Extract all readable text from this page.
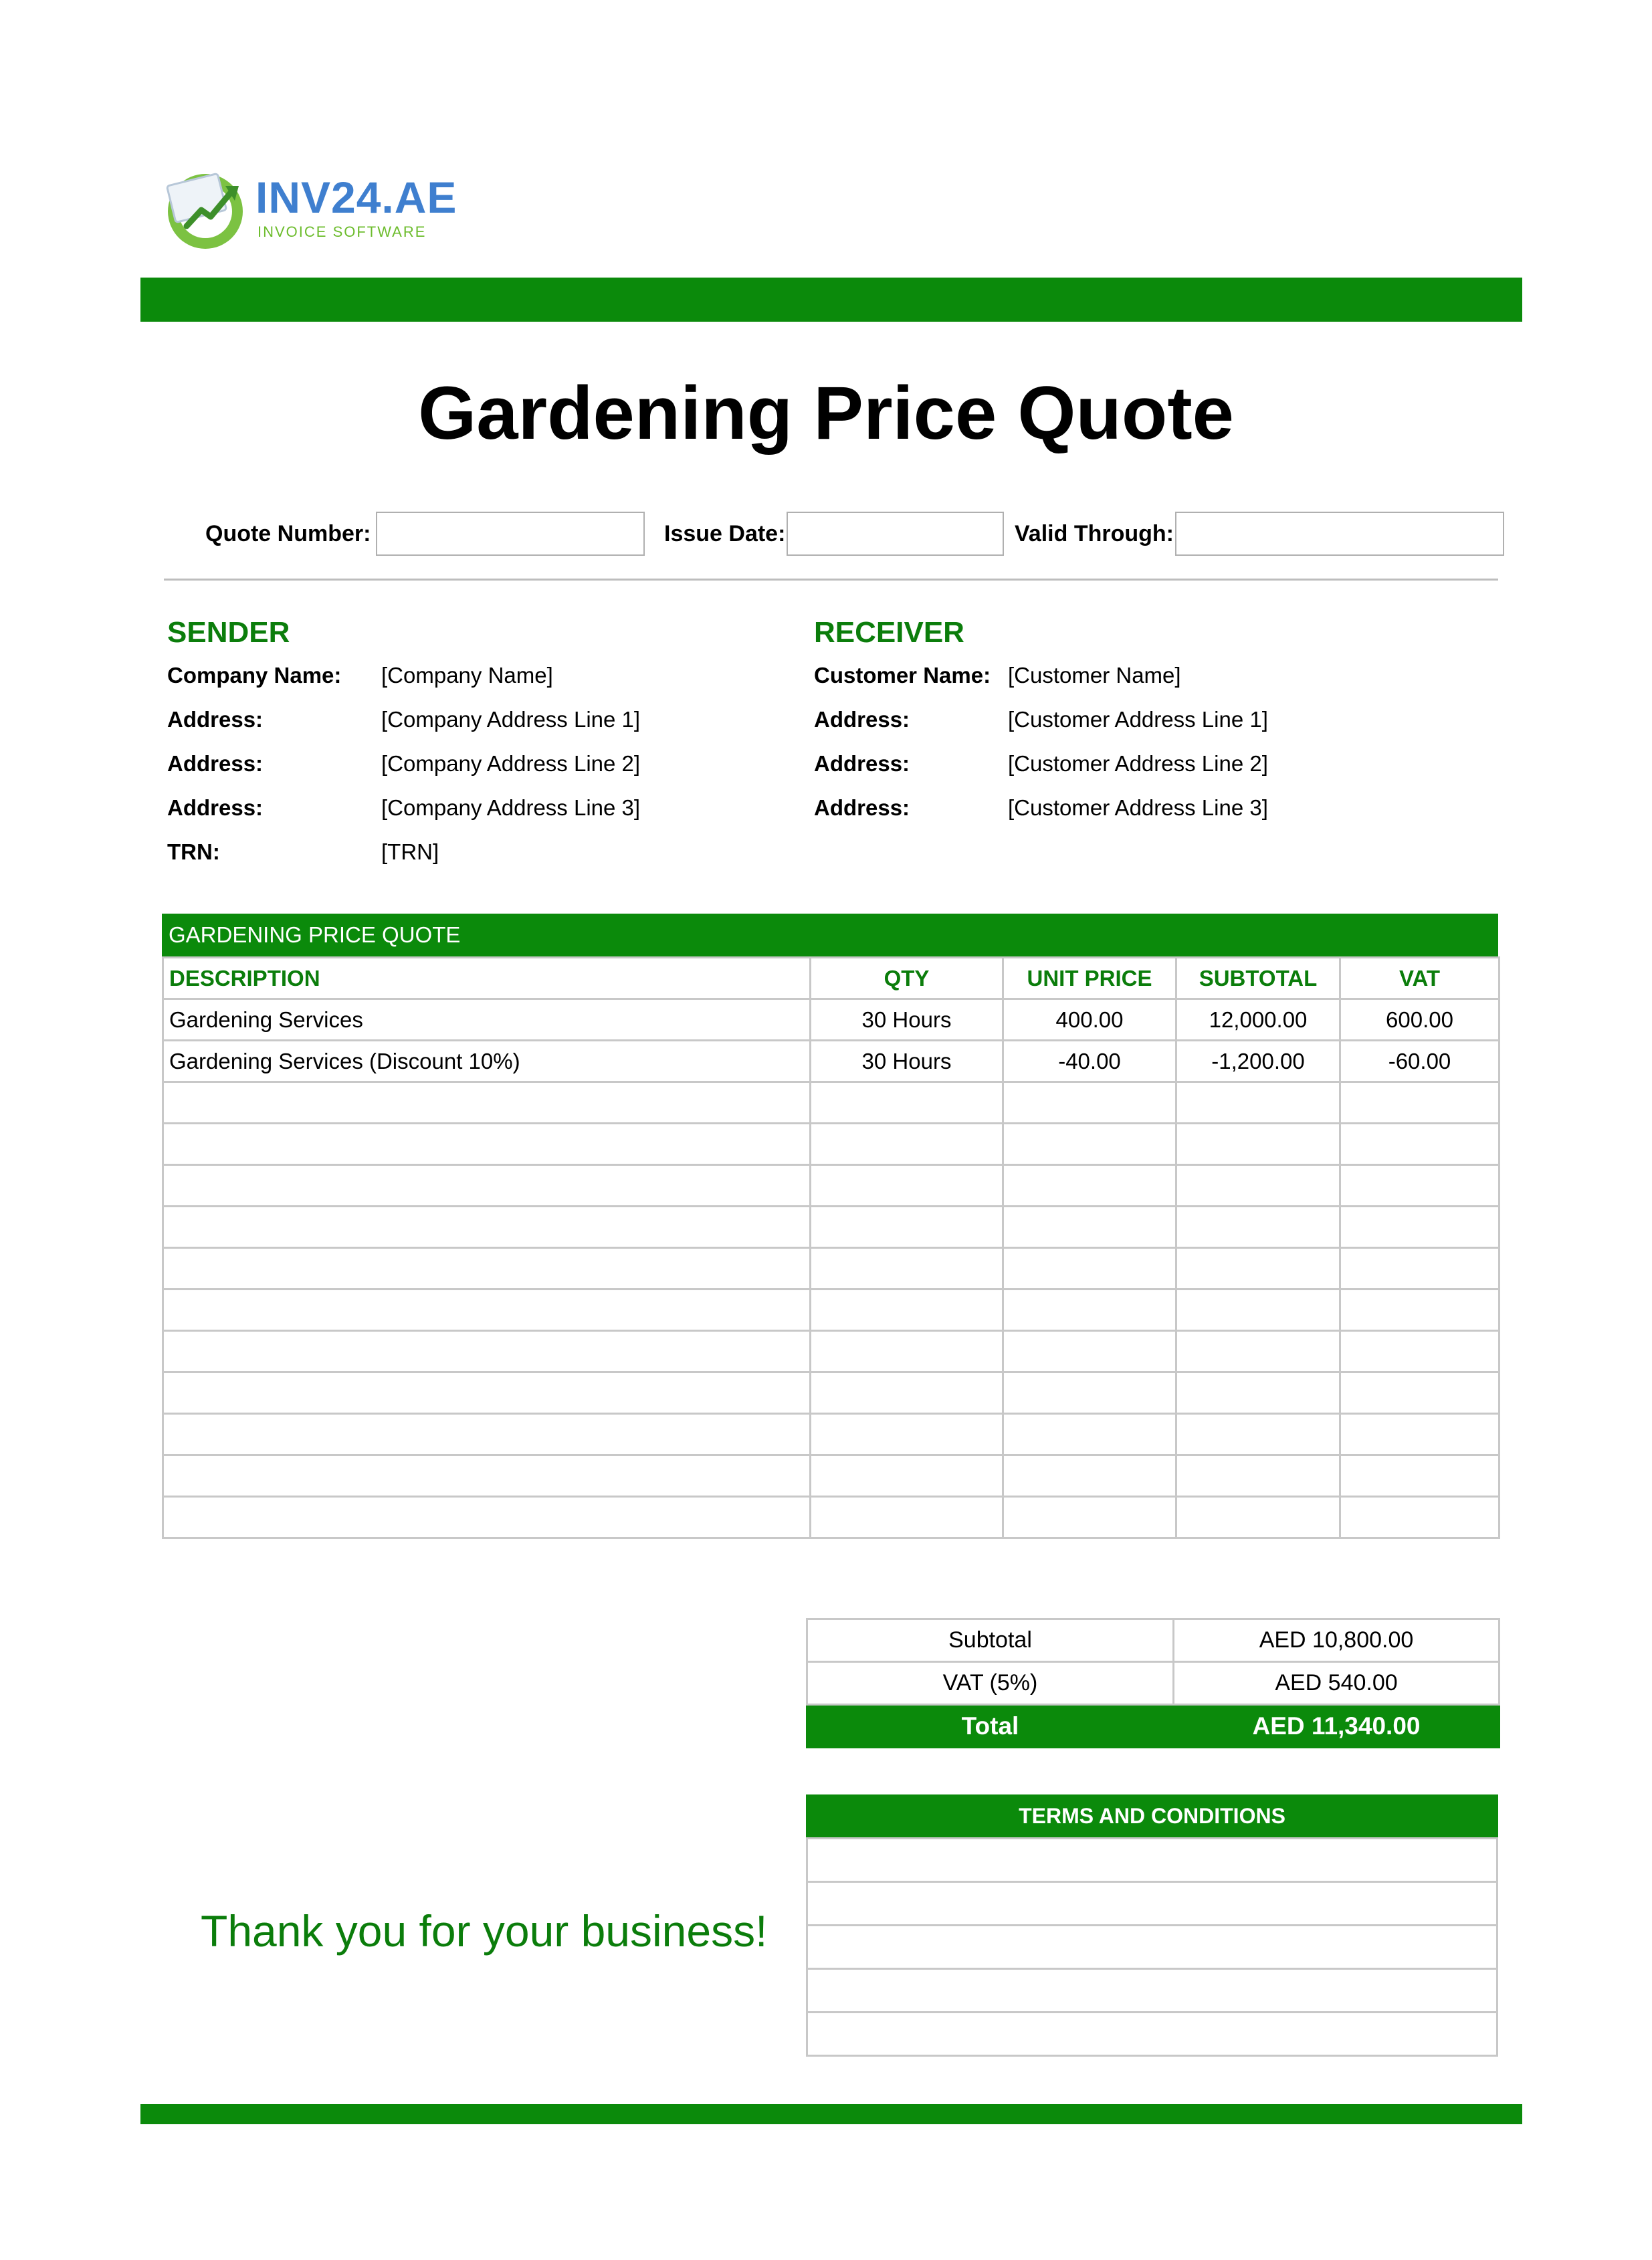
INV24.AE
INVOICE SOFTWARE
Gardening Price Quote
Quote Number:	Issue Date:	Valid Through:
SENDER
Company Name: [Company Name]
Address:	[Company Address Line 1]
Address:	[Company Address Line 2]
Address:	[Company Address Line 3]
TRN:	[TRN]
RECEIVER
Customer Name: [Customer Name]
Address:	[Customer Address Line 1]
Address:	[Customer Address Line 2]
Address:	[Customer Address Line 3]
GARDENING PRICE QUOTE
DESCRIPTION	QTY	UNIT PRICE	SUBTOTAL	VAT
Gardening Services	30 Hours	400.00	12,000.00	600.00
Gardening Services (Discount 10%)	30 Hours	-40.00	-1,200.00	-60.00

Subtotal	AED 10,800.00
VAT (5%)	AED 540.00
Total	AED 11,340.00
Thank you for your business!
TERMS AND CONDITIONS
